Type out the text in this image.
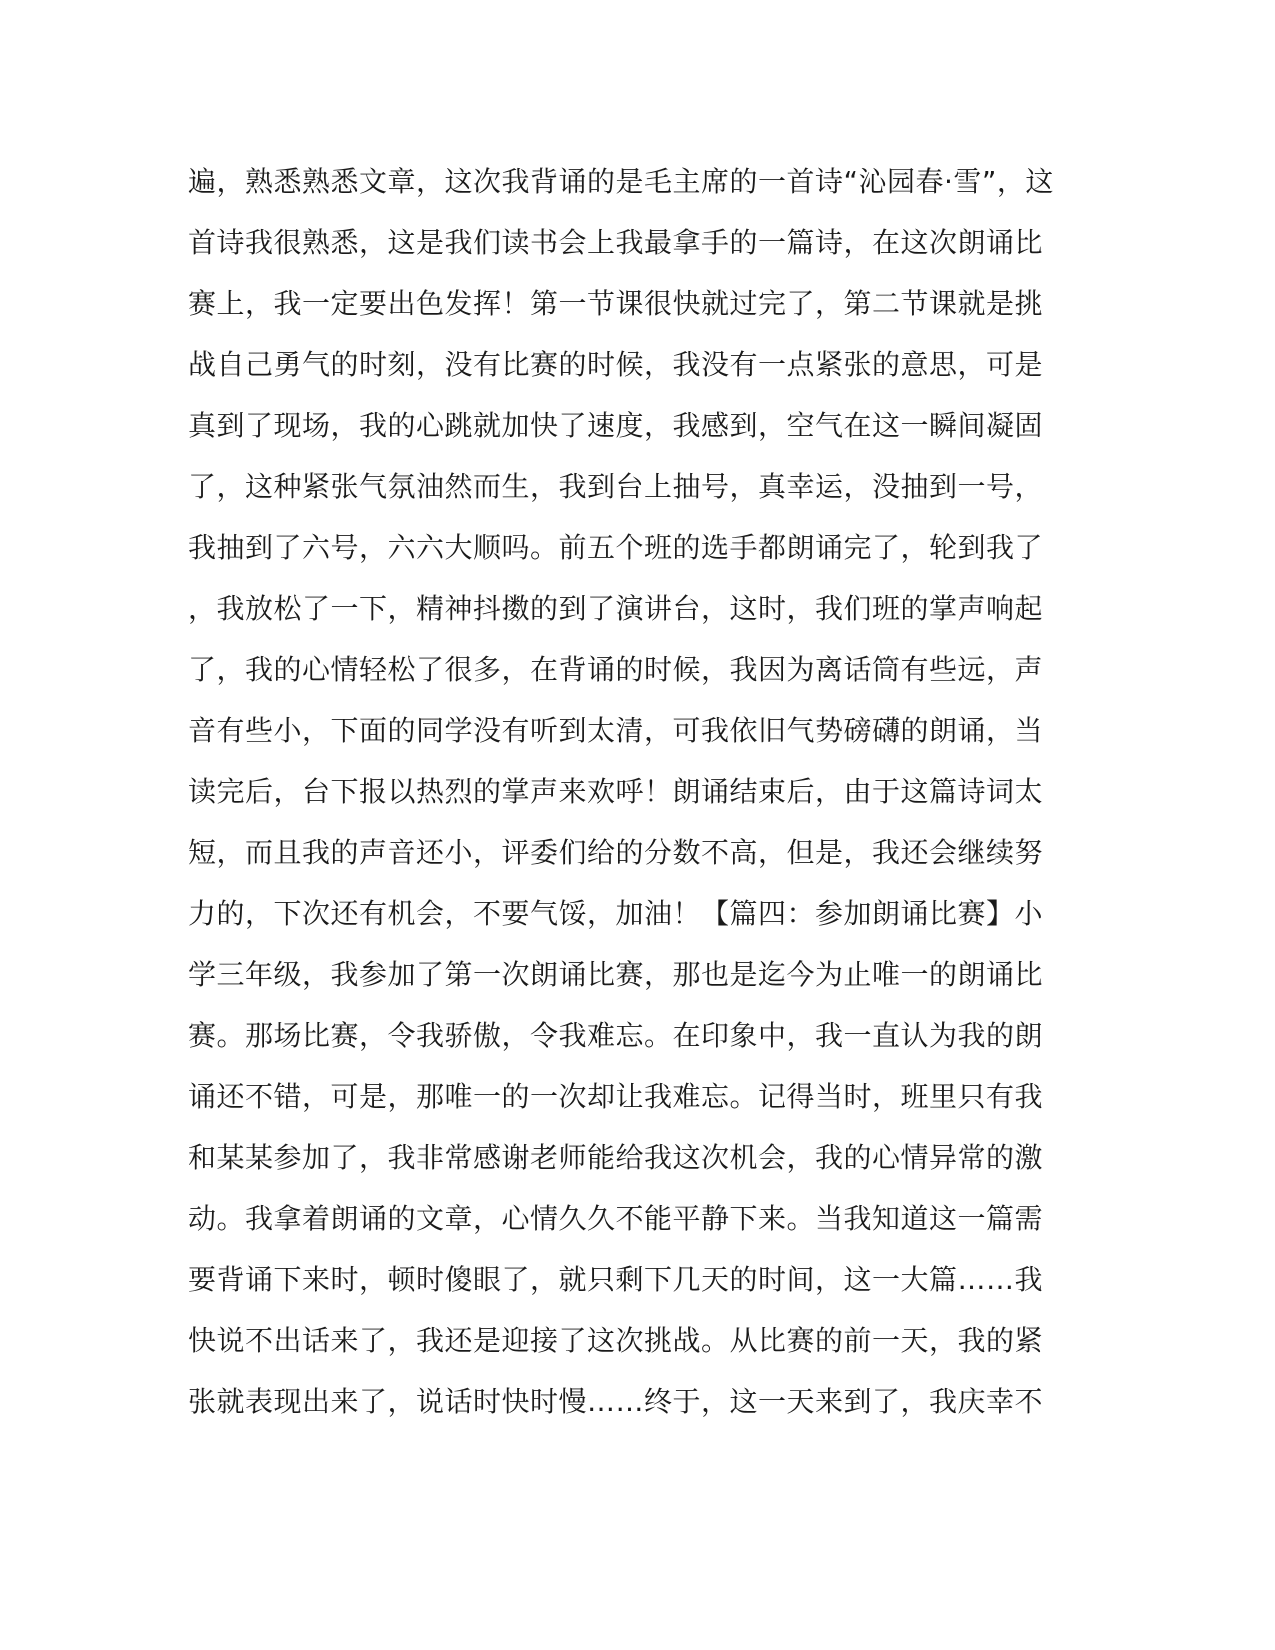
遍，熟悉熟悉文章，这次我背诵的是毛主席的一首诗“沁园春·雪”，这
首诗我很熟悉，这是我们读书会上我最拿手的一篇诗，在这次朗诵比
赛上，我一定要出色发挥！第一节课很快就过完了，第二节课就是挑
战自己勇气的时刻，没有比赛的时候，我没有一点紧张的意思，可是
真到了现场，我的心跳就加快了速度，我感到，空气在这一瞬间凝固
了，这种紧张气氛油然而生，我到台上抽号，真幸运，没抽到一号，
我抽到了六号，六六大顺吗。前五个班的选手都朗诵完了，轮到我了
，我放松了一下，精神抖擞的到了演讲台，这时，我们班的掌声响起
了，我的心情轻松了很多，在背诵的时候，我因为离话筒有些远，声
音有些小，下面的同学没有听到太清，可我依旧气势磅礴的朗诵，当
读完后，台下报以热烈的掌声来欢呼！朗诵结束后，由于这篇诗词太
短，而且我的声音还小，评委们给的分数不高，但是，我还会继续努
力的，下次还有机会，不要气馁，加油！【篇四：参加朗诵比赛】小
学三年级，我参加了第一次朗诵比赛，那也是迄今为止唯一的朗诵比
赛。那场比赛，令我骄傲，令我难忘。在印象中，我一直认为我的朗
诵还不错，可是，那唯一的一次却让我难忘。记得当时，班里只有我
和某某参加了，我非常感谢老师能给我这次机会，我的心情异常的激
动。我拿着朗诵的文章，心情久久不能平静下来。当我知道这一篇需
要背诵下来时，顿时傻眼了，就只剩下几天的时间，这一大篇……我
快说不出话来了，我还是迎接了这次挑战。从比赛的前一天，我的紧
张就表现出来了，说话时快时慢……终于，这一天来到了，我庆幸不
